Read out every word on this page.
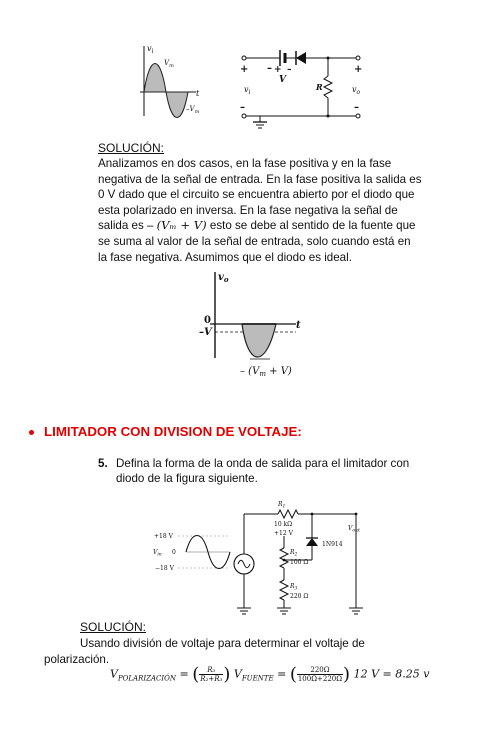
$v_i$
$V_m$
t
$-V_m$
+ – + –
V
$v_i$
R	$v_o$
+
–
–
SOLUCIÓN:
Analizamos en dos casos, en la fase positiva y en la fase
negativa de la señal de entrada. En la fase positiva la salida es
0 V dado que el circuito se encuentra abierto por el diodo que
esta polarizado en inversa. En la fase negativa la señal de
salida es – (Vₘ + V) esto se debe al sentido de la fuente que
se suma al valor de la señal de entrada, solo cuando está en
la fase negativa. Asumimos que el diodo es ideal.
$v_o$
0
–V
t
– $(V_m + V)$
LIMITADOR CON DIVISION DE VOLTAJE:
5. Defina la forma de la onda de salida para el limitador con
diodo de la figura siguiente.
+18 V
0
$V_{in}$
−18 V
$R_1$
10 kΩ
+12 V
$R_2$
100 Ω
$R_3$
220 Ω
1N914
$V_{out}$
SOLUCIÓN:
Usando división de voltaje para determinar el voltaje de
polarización.
$V_{POLARIZACIÓN}$ = ( $\frac{\text{R₃}}{\text{R₂+R₃}}$ ) $V_{FUENTE}$ = ( $\frac{220\Omega}{100\Omega+220\Omega}$ ) 12 V = 8.25 v
